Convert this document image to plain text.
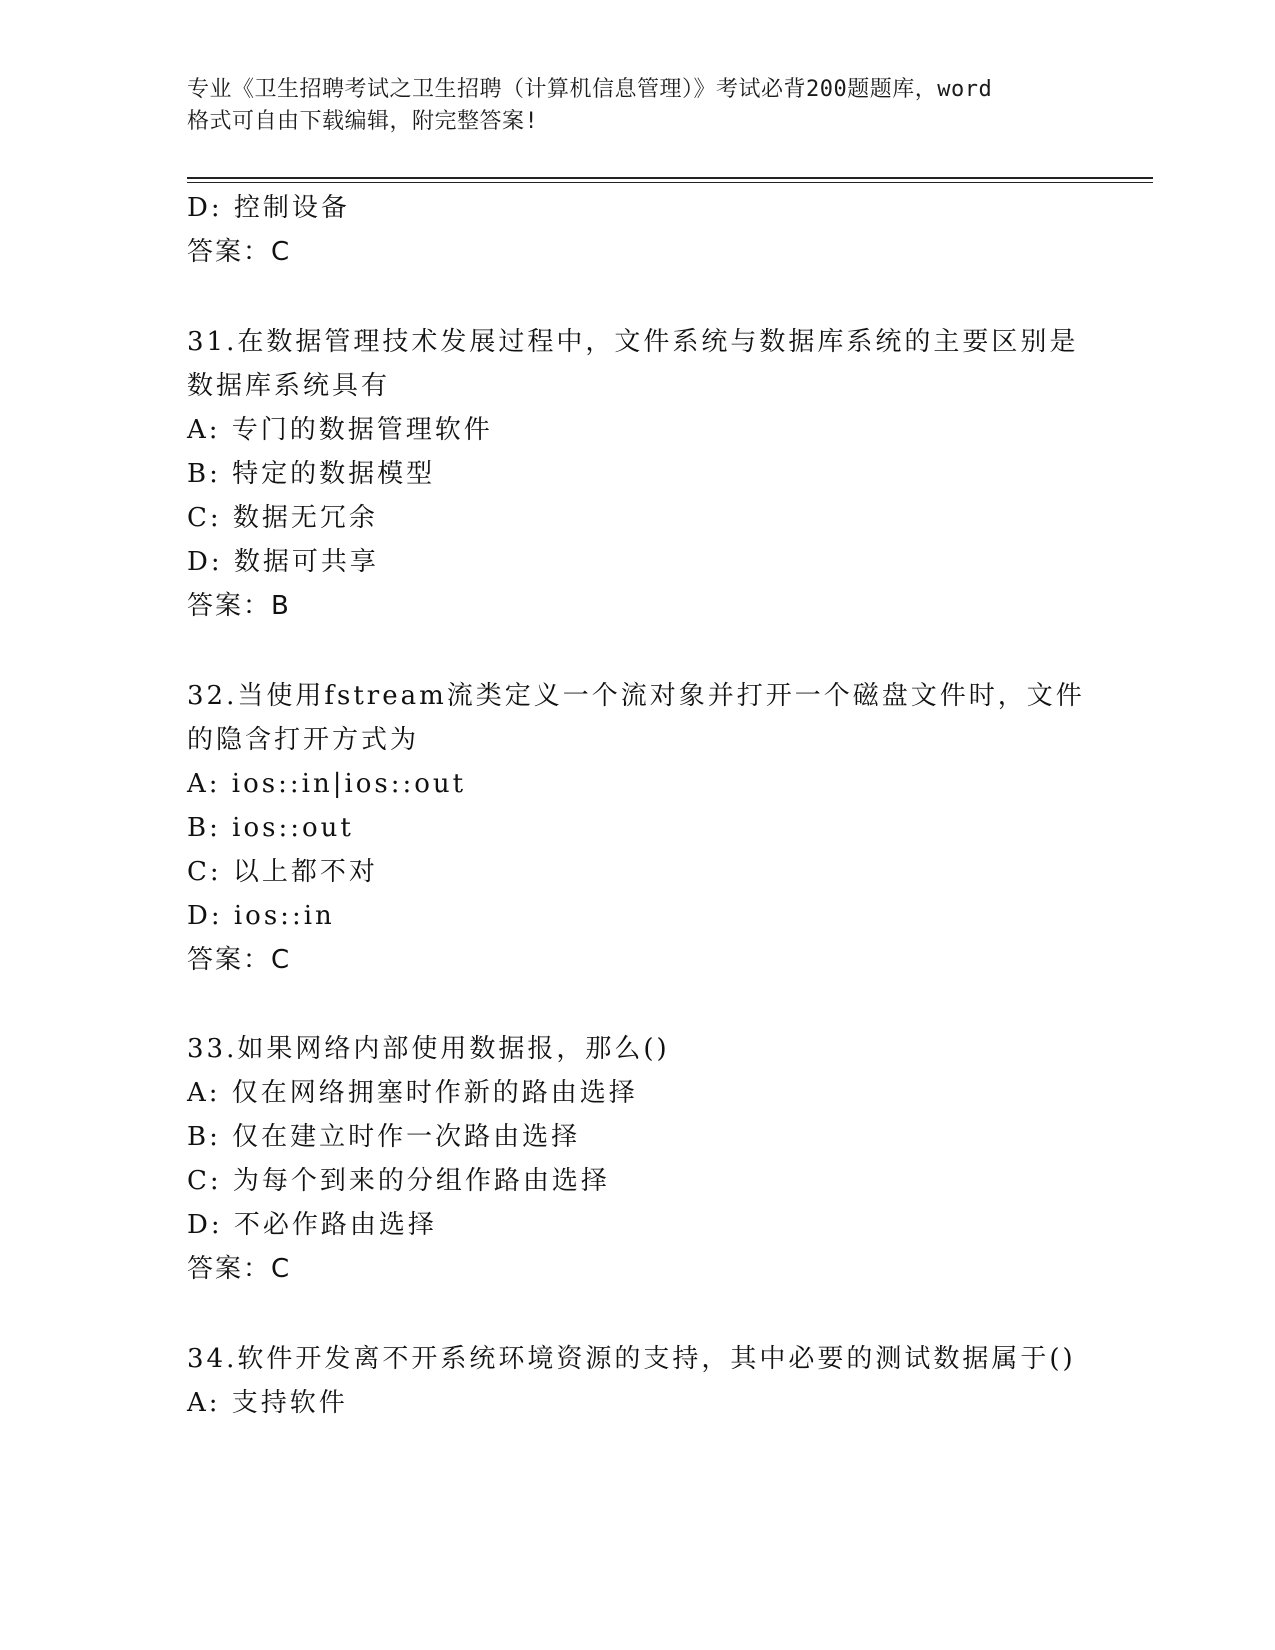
专业《卫生招聘考试之卫生招聘（计算机信息管理）》考试必背200题题库，word
格式可自由下载编辑，附完整答案!
D: 控制设备
答案：C
31.在数据管理技术发展过程中，文件系统与数据库系统的主要区别是
数据库系统具有
A: 专门的数据管理软件
B: 特定的数据模型
C: 数据无冗余
D: 数据可共享
答案：B
32.当使用fstream流类定义一个流对象并打开一个磁盘文件时，文件
的隐含打开方式为
A: ios::in|ios::out
B: ios::out
C: 以上都不对
D: ios::in
答案：C
33.如果网络内部使用数据报，那么()
A: 仅在网络拥塞时作新的路由选择
B: 仅在建立时作一次路由选择
C: 为每个到来的分组作路由选择
D: 不必作路由选择
答案：C
34.软件开发离不开系统环境资源的支持，其中必要的测试数据属于()
A: 支持软件
